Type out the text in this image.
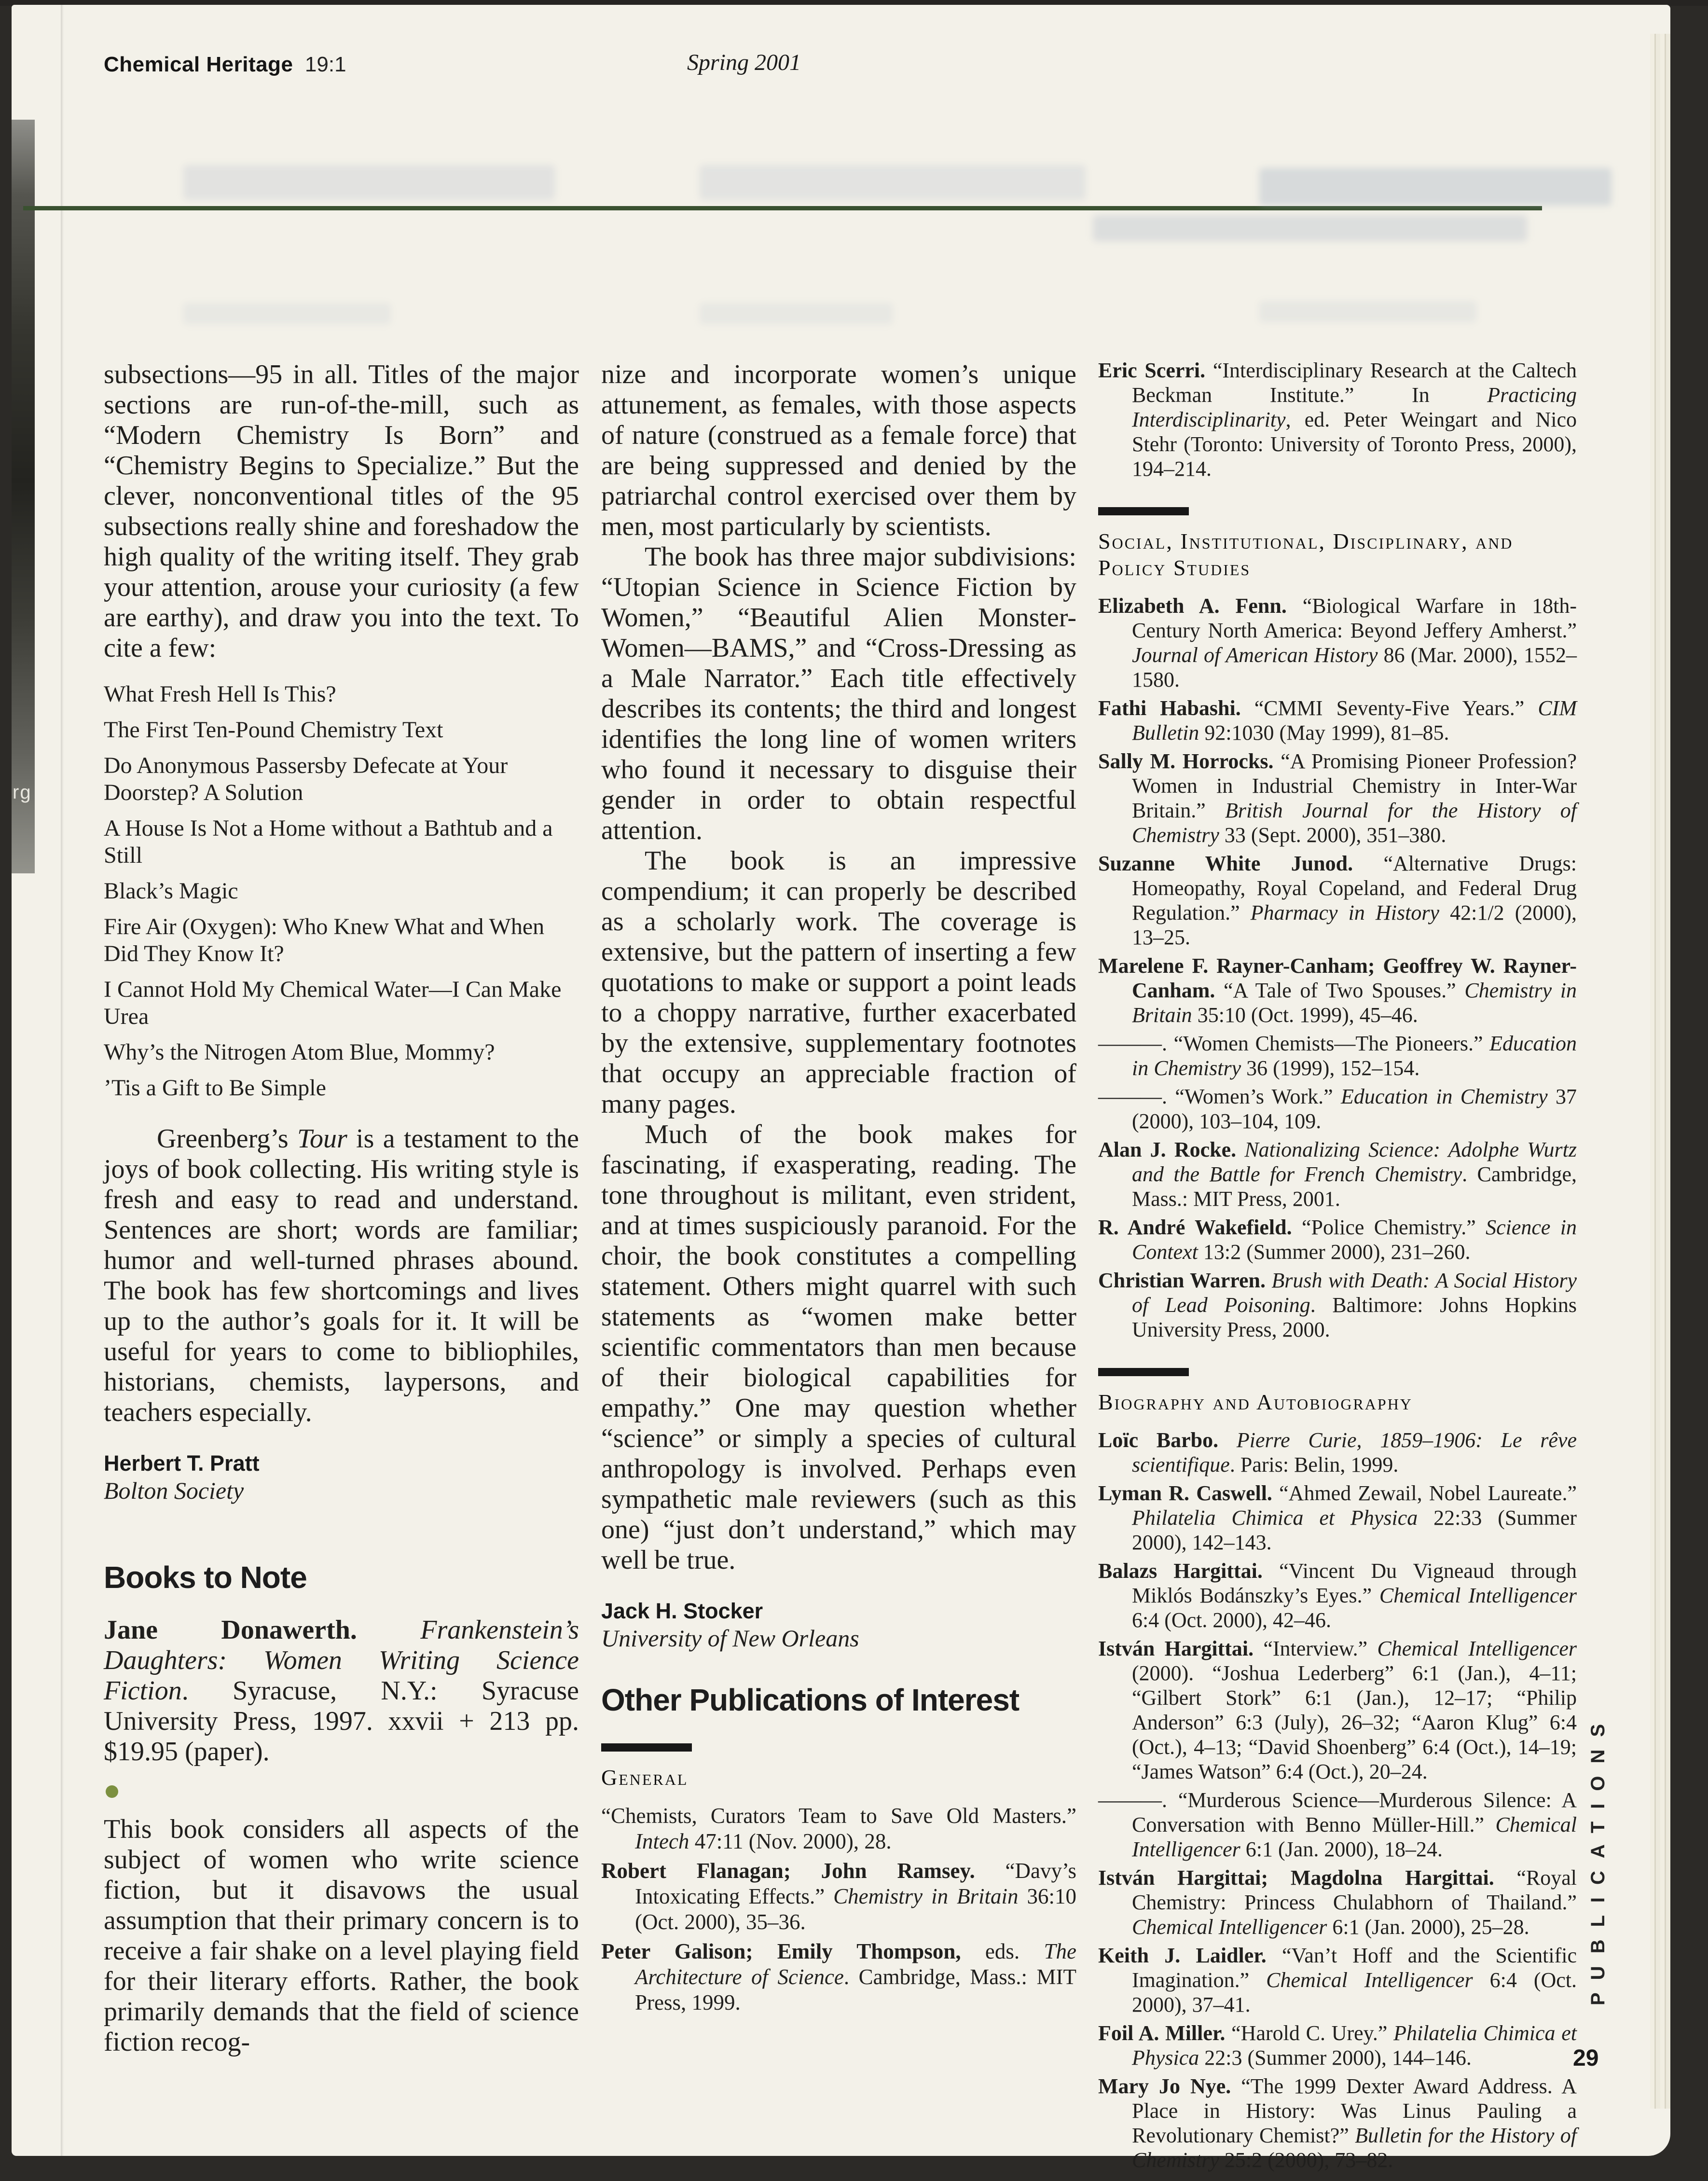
rg
Chemical Heritage 19:1	Spring 2001
subsections—95 in all. Titles of the major sections are run-of-the-mill, such as “Modern Chemistry Is Born” and “Chemistry Begins to Specialize.” But the clever, nonconventional titles of the 95 subsections really shine and foreshadow the high quality of the writing itself. They grab your attention, arouse your curiosity (a few are earthy), and draw you into the text. To cite a few:
What Fresh Hell Is This?
The First Ten-Pound Chemistry Text
Do Anonymous Passersby Defecate at Your Doorstep? A Solution
A House Is Not a Home without a Bathtub and a Still
Black’s Magic
Fire Air (Oxygen): Who Knew What and When Did They Know It?
I Cannot Hold My Chemical Water—I Can Make Urea
Why’s the Nitrogen Atom Blue, Mommy?
’Tis a Gift to Be Simple
Greenberg’s Tour is a testament to the joys of book collecting. His writing style is fresh and easy to read and understand. Sentences are short; words are familiar; humor and well-turned phrases abound. The book has few shortcomings and lives up to the author’s goals for it. It will be useful for years to come to bibliophiles, historians, chemists, laypersons, and teachers especially.
Herbert T. Pratt
Bolton Society
Books to Note
Jane Donawerth. Frankenstein’s Daughters: Women Writing Science Fiction. Syracuse, N.Y.: Syracuse University Press, 1997. xxvii + 213 pp. $19.95 (paper).
This book considers all aspects of the subject of women who write science fiction, but it disavows the usual assumption that their primary concern is to receive a fair shake on a level playing field for their literary efforts. Rather, the book primarily demands that the field of science fiction recog-
nize and incorporate women’s unique attunement, as females, with those aspects of nature (construed as a female force) that are being suppressed and denied by the patriarchal control exercised over them by men, most particularly by scientists.
The book has three major subdivisions: “Utopian Science in Science Fiction by Women,” “Beautiful Alien Monster-Women—BAMS,” and “Cross-Dressing as a Male Narrator.” Each title effectively describes its contents; the third and longest identifies the long line of women writers who found it necessary to disguise their gender in order to obtain respectful attention.
The book is an impressive compendium; it can properly be described as a scholarly work. The coverage is extensive, but the pattern of inserting a few quotations to make or support a point leads to a choppy narrative, further exacerbated by the extensive, supplementary footnotes that occupy an appreciable fraction of many pages.
Much of the book makes for fascinating, if exasperating, reading. The tone throughout is militant, even strident, and at times suspiciously paranoid. For the choir, the book constitutes a compelling statement. Others might quarrel with such statements as “women make better scientific commentators than men because of their biological capabilities for empathy.” One may question whether “science” or simply a species of cultural anthropology is involved. Perhaps even sympathetic male reviewers (such as this one) “just don’t understand,” which may well be true.
Jack H. Stocker
University of New Orleans
Other Publications of Interest
General
“Chemists, Curators Team to Save Old Masters.” Intech 47:11 (Nov. 2000), 28.
Robert Flanagan; John Ramsey. “Davy’s Intoxicating Effects.” Chemistry in Britain 36:10 (Oct. 2000), 35–36.
Peter Galison; Emily Thompson, eds. The Architecture of Science. Cambridge, Mass.: MIT Press, 1999.
Eric Scerri. “Interdisciplinary Research at the Caltech Beckman Institute.” In Practicing Interdisciplinarity, ed. Peter Weingart and Nico Stehr (Toronto: University of Toronto Press, 2000), 194–214.
Social, Institutional, Disciplinary, and Policy Studies
Elizabeth A. Fenn. “Biological Warfare in 18th-Century North America: Beyond Jeffery Amherst.” Journal of American History 86 (Mar. 2000), 1552–1580.
Fathi Habashi. “CMMI Seventy-Five Years.” CIM Bulletin 92:1030 (May 1999), 81–85.
Sally M. Horrocks. “A Promising Pioneer Profession? Women in Industrial Chemistry in Inter-War Britain.” British Journal for the History of Chemistry 33 (Sept. 2000), 351–380.
Suzanne White Junod. “Alternative Drugs: Homeopathy, Royal Copeland, and Federal Drug Regulation.” Pharmacy in History 42:1/2 (2000), 13–25.
Marelene F. Rayner-Canham; Geoffrey W. Rayner-Canham. “A Tale of Two Spouses.” Chemistry in Britain 35:10 (Oct. 1999), 45–46.
———. “Women Chemists—The Pioneers.” Education in Chemistry 36 (1999), 152–154.
———. “Women’s Work.” Education in Chemistry 37 (2000), 103–104, 109.
Alan J. Rocke. Nationalizing Science: Adolphe Wurtz and the Battle for French Chemistry. Cambridge, Mass.: MIT Press, 2001.
R. André Wakefield. “Police Chemistry.” Science in Context 13:2 (Summer 2000), 231–260.
Christian Warren. Brush with Death: A Social History of Lead Poisoning. Baltimore: Johns Hopkins University Press, 2000.
Biography and Autobiography
Loïc Barbo. Pierre Curie, 1859–1906: Le rêve scientifique. Paris: Belin, 1999.
Lyman R. Caswell. “Ahmed Zewail, Nobel Laureate.” Philatelia Chimica et Physica 22:33 (Summer 2000), 142–143.
Balazs Hargittai. “Vincent Du Vigneaud through Miklós Bodánszky’s Eyes.” Chemical Intelligencer 6:4 (Oct. 2000), 42–46.
István Hargittai. “Interview.” Chemical Intelligencer (2000). “Joshua Lederberg” 6:1 (Jan.), 4–11; “Gilbert Stork” 6:1 (Jan.), 12–17; “Philip Anderson” 6:3 (July), 26–32; “Aaron Klug” 6:4 (Oct.), 4–13; “David Shoenberg” 6:4 (Oct.), 14–19; “James Watson” 6:4 (Oct.), 20–24.
———. “Murderous Science—Murderous Silence: A Conversation with Benno Müller-Hill.” Chemical Intelligencer 6:1 (Jan. 2000), 18–24.
István Hargittai; Magdolna Hargittai. “Royal Chemistry: Princess Chulabhorn of Thailand.” Chemical Intelligencer 6:1 (Jan. 2000), 25–28.
Keith J. Laidler. “Van’t Hoff and the Scientific Imagination.” Chemical Intelligencer 6:4 (Oct. 2000), 37–41.
Foil A. Miller. “Harold C. Urey.” Philatelia Chimica et Physica 22:3 (Summer 2000), 144–146.
Mary Jo Nye. “The 1999 Dexter Award Address. A Place in History: Was Linus Pauling a Revolutionary Chemist?” Bulletin for the History of Chemistry 25:2 (2000), 73–82.
PUBLICATIONS
29
